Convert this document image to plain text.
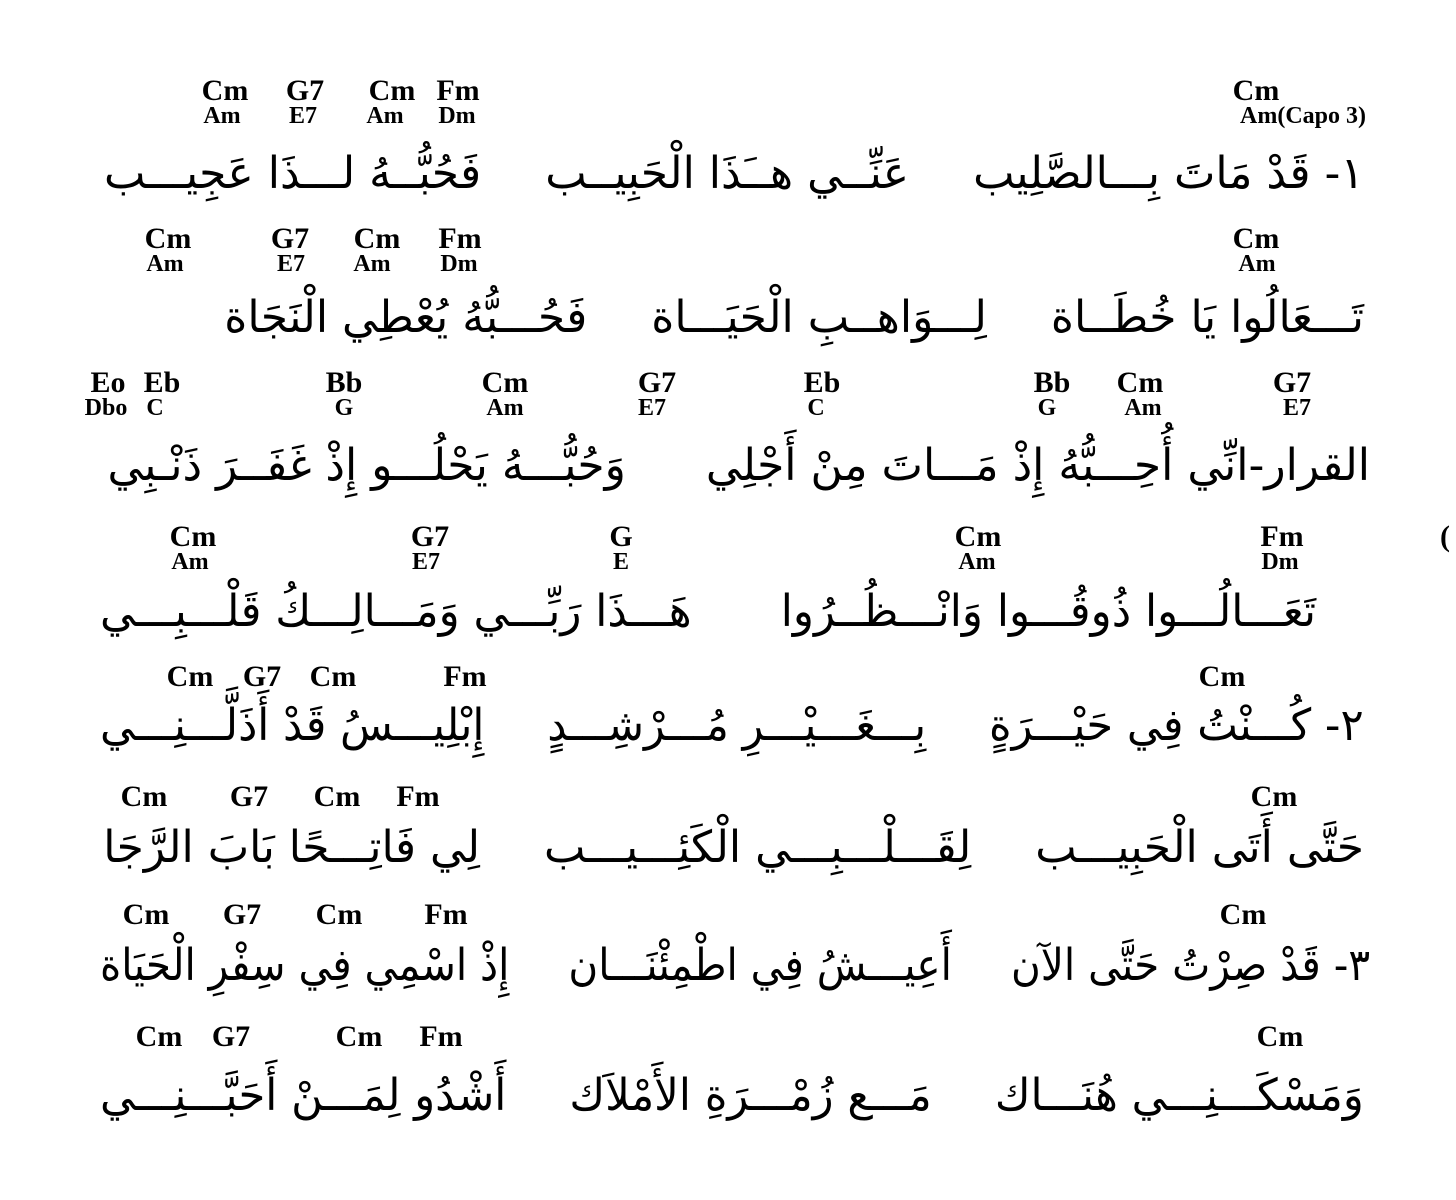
Cm G7 Cm Fm	Cm
Am E7 Am Dm	Am(Capo 3)
١- قَدْ مَاتَ بِـــالصَّلِيب
عَنِّــي هــَذَا الْحَبِيــب
فَحُبُّــهُ لـــذَا عَجِيـــب
Cm	G7 Cm Fm	Cm
Am	E7 Am Dm	Am
تَـــعَالُوا يَا خُطَــاة
لِـــوَاهــبِ الْحَيَـــاة
فَحُـــبُّهُ يُعْطِي الْنَجَاة
Eo Eb	Bb	Cm	G7	Eb	Bb Cm	G7
Dbo C	G	Am	E7	C	G	Am	E7
القرار-انِّي أُحِـــبُّهُ إِذْ مَـــاتَ مِنْ أَجْلِي
وَحُبُّـــهُ يَحْلُـــو إِذْ غَفَــرَ ذَنْـبِي
Cm	G7	G	Cm	Fm
Am	E7	E	Am	Dm
تَعَـــالُـــوا ذُوقُـــوا وَانْـــظُــرُوا
هَـــذَا رَبِّـــي وَمَـــالِـــكُ قَلْـــبِـــي
Cm G7 Cm	Fm	Cm
٢- كُـــنْتُ فِي حَيْـــرَةٍ
بِـــغَـــيْـــرِ مُـــرْشِـــدٍ
إِبْلِيـــسُ قَدْ أَذَلَّـــنِـــي
Cm G7 Cm Fm	Cm
حَتَّى أَتَى الْحَبِيـــب
لِقَـــلْـــبِـــي الْكَئِـــيـــب
لِي فَاتِـــحًا بَابَ الرَّجَا
Cm G7 Cm Fm	Cm
٣- قَدْ صِرْتُ حَتَّى الآن
أَعِيـــشُ فِي اطْمِئْنَـــان
إِذْ اسْمِي فِي سِفْرِ الْحَيَاة
Cm G7	Cm Fm	Cm
وَمَسْكَـــنِـــي هُنَـــاك
مَـــع زُمْـــرَةِ الأَمْلاَك
أَشْدُو لِمَـــنْ أَحَبَّـــنِـــي
(
